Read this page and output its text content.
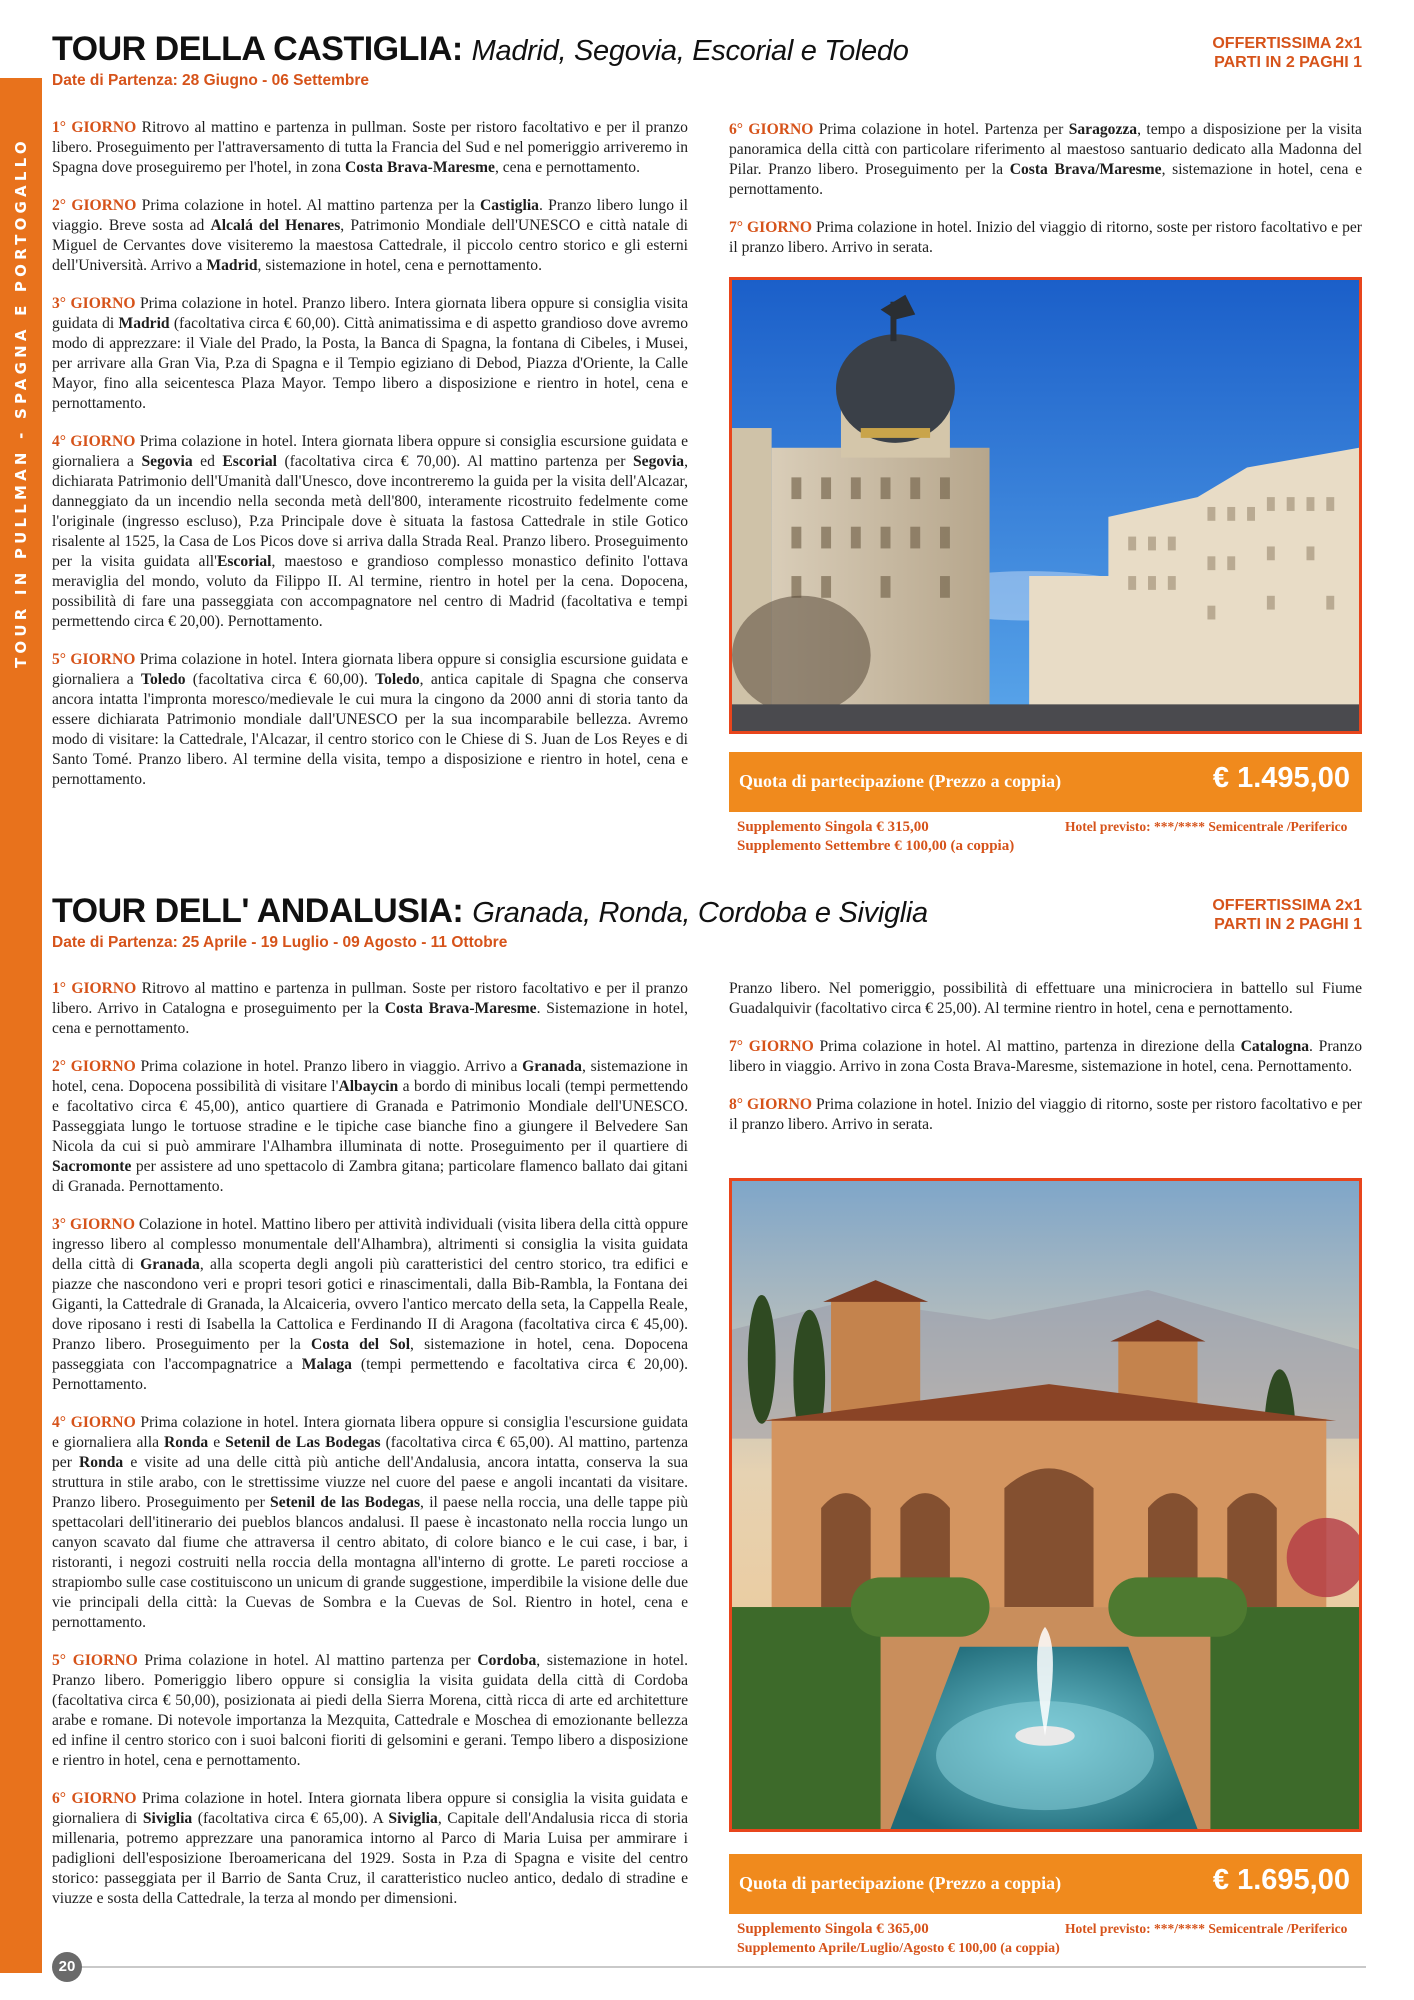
TOUR IN PULLMAN - SPAGNA E PORTOGALLO
TOUR DELLA CASTIGLIA: Madrid, Segovia, Escorial e Toledo
Date di Partenza: 28 Giugno - 06 Settembre
OFFERTISSIMA 2x1
PARTI IN 2 PAGHI 1

1° GIORNO Ritrovo al mattino e partenza in pullman. Soste per ristoro facoltativo e per il pranzo libero. Proseguimento per l'attraversamento di tutta la Francia del Sud e nel pomeriggio arriveremo in Spagna dove proseguiremo per l'hotel, in zona Costa Brava-Maresme, cena e pernottamento.

2° GIORNO Prima colazione in hotel. Al mattino partenza per la Castiglia. Pranzo libero lungo il viaggio. Breve sosta ad Alcalá del Henares, Patrimonio Mondiale dell'UNESCO e città natale di Miguel de Cervantes dove visiteremo la maestosa Cattedrale, il piccolo centro storico e gli esterni dell'Università. Arrivo a Madrid, sistemazione in hotel, cena e pernottamento.

3° GIORNO Prima colazione in hotel. Pranzo libero. Intera giornata libera oppure si consiglia visita guidata di Madrid (facoltativa circa € 60,00). Città animatissima e di aspetto grandioso dove avremo modo di apprezzare: il Viale del Prado, la Posta, la Banca di Spagna, la fontana di Cibeles, i Musei, per arrivare alla Gran Via, P.za di Spagna e il Tempio egiziano di Debod, Piazza d'Oriente, la Calle Mayor, fino alla seicentesca Plaza Mayor. Tempo libero a disposizione e rientro in hotel, cena e pernottamento.

4° GIORNO Prima colazione in hotel. Intera giornata libera oppure si consiglia escursione guidata e giornaliera a Segovia ed Escorial (facoltativa circa € 70,00). Al mattino partenza per Segovia, dichiarata Patrimonio dell'Umanità dall'Unesco, dove incontreremo la guida per la visita dell'Alcazar, danneggiato da un incendio nella seconda metà dell'800, interamente ricostruito fedelmente come l'originale (ingresso escluso), P.za Principale dove è situata la fastosa Cattedrale in stile Gotico risalente al 1525, la Casa de Los Picos dove si arriva dalla Strada Real. Pranzo libero. Proseguimento per la visita guidata all'Escorial, maestoso e grandioso complesso monastico definito l'ottava meraviglia del mondo, voluto da Filippo II. Al termine, rientro in hotel per la cena. Dopocena, possibilità di fare una passeggiata con accompagnatore nel centro di Madrid (facoltativa e tempi permettendo circa € 20,00). Pernottamento.

5° GIORNO Prima colazione in hotel. Intera giornata libera oppure si consiglia escursione guidata e giornaliera a Toledo (facoltativa circa € 60,00). Toledo, antica capitale di Spagna che conserva ancora intatta l'impronta moresco/medievale le cui mura la cingono da 2000 anni di storia tanto da essere dichiarata Patrimonio mondiale dall'UNESCO per la sua incomparabile bellezza. Avremo modo di visitare: la Cattedrale, l'Alcazar, il centro storico con le Chiese di S. Juan de Los Reyes e di Santo Tomé. Pranzo libero. Al termine della visita, tempo a disposizione e rientro in hotel, cena e pernottamento.

6° GIORNO Prima colazione in hotel. Partenza per Saragozza, tempo a disposizione per la visita panoramica della città con particolare riferimento al maestoso santuario dedicato alla Madonna del Pilar. Pranzo libero. Proseguimento per la Costa Brava/Maresme, sistemazione in hotel, cena e pernottamento.

7° GIORNO Prima colazione in hotel. Inizio del viaggio di ritorno, soste per ristoro facoltativo e per il pranzo libero. Arrivo in serata.

Quota di partecipazione (Prezzo a coppia)	€ 1.495,00
Supplemento Singola € 315,00
Supplemento Settembre € 100,00 (a coppia)
Hotel previsto: ***/**** Semicentrale /Periferico
TOUR DELL' ANDALUSIA: Granada, Ronda, Cordoba e Siviglia
Date di Partenza: 25 Aprile - 19 Luglio - 09 Agosto - 11 Ottobre
OFFERTISSIMA 2x1
PARTI IN 2 PAGHI 1

1° GIORNO Ritrovo al mattino e partenza in pullman. Soste per ristoro facoltativo e per il pranzo libero. Arrivo in Catalogna e proseguimento per la Costa Brava-Maresme. Sistemazione in hotel, cena e pernottamento.

2° GIORNO Prima colazione in hotel. Pranzo libero in viaggio. Arrivo a Granada, sistemazione in hotel, cena. Dopocena possibilità di visitare l'Albaycin a bordo di minibus locali (tempi permettendo e facoltativo circa € 45,00), antico quartiere di Granada e Patrimonio Mondiale dell'UNESCO. Passeggiata lungo le tortuose stradine e le tipiche case bianche fino a giungere il Belvedere San Nicola da cui si può ammirare l'Alhambra illuminata di notte. Proseguimento per il quartiere di Sacromonte per assistere ad uno spettacolo di Zambra gitana; particolare flamenco ballato dai gitani di Granada. Pernottamento.

3° GIORNO Colazione in hotel. Mattino libero per attività individuali (visita libera della città oppure ingresso libero al complesso monumentale dell'Alhambra), altrimenti si consiglia la visita guidata della città di Granada, alla scoperta degli angoli più caratteristici del centro storico, tra edifici e piazze che nascondono veri e propri tesori gotici e rinascimentali, dalla Bib-Rambla, la Fontana dei Giganti, la Cattedrale di Granada, la Alcaiceria, ovvero l'antico mercato della seta, la Cappella Reale, dove riposano i resti di Isabella la Cattolica e Ferdinando II di Aragona (facoltativa circa € 45,00). Pranzo libero. Proseguimento per la Costa del Sol, sistemazione in hotel, cena. Dopocena passeggiata con l'accompagnatrice a Malaga (tempi permettendo e facoltativa circa € 20,00). Pernottamento.

4° GIORNO Prima colazione in hotel. Intera giornata libera oppure si consiglia l'escursione guidata e giornaliera alla Ronda e Setenil de Las Bodegas (facoltativa circa € 65,00). Al mattino, partenza per Ronda e visite ad una delle città più antiche dell'Andalusia, ancora intatta, conserva la sua struttura in stile arabo, con le strettissime viuzze nel cuore del paese e angoli incantati da visitare. Pranzo libero. Proseguimento per Setenil de las Bodegas, il paese nella roccia, una delle tappe più spettacolari dell'itinerario dei pueblos blancos andalusi. Il paese è incastonato nella roccia lungo un canyon scavato dal fiume che attraversa il centro abitato, di colore bianco e le cui case, i bar, i ristoranti, i negozi costruiti nella roccia della montagna all'interno di grotte. Le pareti rocciose a strapiombo sulle case costituiscono un unicum di grande suggestione, imperdibile la visione delle due vie principali della città: la Cuevas de Sombra e la Cuevas de Sol. Rientro in hotel, cena e pernottamento.

5° GIORNO Prima colazione in hotel. Al mattino partenza per Cordoba, sistemazione in hotel. Pranzo libero. Pomeriggio libero oppure si consiglia la visita guidata della città di Cordoba (facoltativa circa € 50,00), posizionata ai piedi della Sierra Morena, città ricca di arte ed architetture arabe e romane. Di notevole importanza la Mezquita, Cattedrale e Moschea di emozionante bellezza ed infine il centro storico con i suoi balconi fioriti di gelsomini e gerani. Tempo libero a disposizione e rientro in hotel, cena e pernottamento.

6° GIORNO Prima colazione in hotel. Intera giornata libera oppure si consiglia la visita guidata e giornaliera di Siviglia (facoltativa circa € 65,00). A Siviglia, Capitale dell'Andalusia ricca di storia millenaria, potremo apprezzare una panoramica intorno al Parco di Maria Luisa per ammirare i padiglioni dell'esposizione Iberoamericana del 1929. Sosta in P.za di Spagna e visite del centro storico: passeggiata per il Barrio de Santa Cruz, il caratteristico nucleo antico, dedalo di stradine e viuzze e sosta della Cattedrale, la terza al mondo per dimensioni.

Pranzo libero. Nel pomeriggio, possibilità di effettuare una minicrociera in battello sul Fiume Guadalquivir (facoltativo circa € 25,00). Al termine rientro in hotel, cena e pernottamento.

7° GIORNO Prima colazione in hotel. Al mattino, partenza in direzione della Catalogna. Pranzo libero in viaggio. Arrivo in zona Costa Brava-Maresme, sistemazione in hotel, cena. Pernottamento.

8° GIORNO Prima colazione in hotel. Inizio del viaggio di ritorno, soste per ristoro facoltativo e per il pranzo libero. Arrivo in serata.

Quota di partecipazione (Prezzo a coppia)	€ 1.695,00
Supplemento Singola € 365,00
Supplemento Aprile/Luglio/Agosto € 100,00 (a coppia)
Hotel previsto: ***/**** Semicentrale /Periferico
20
